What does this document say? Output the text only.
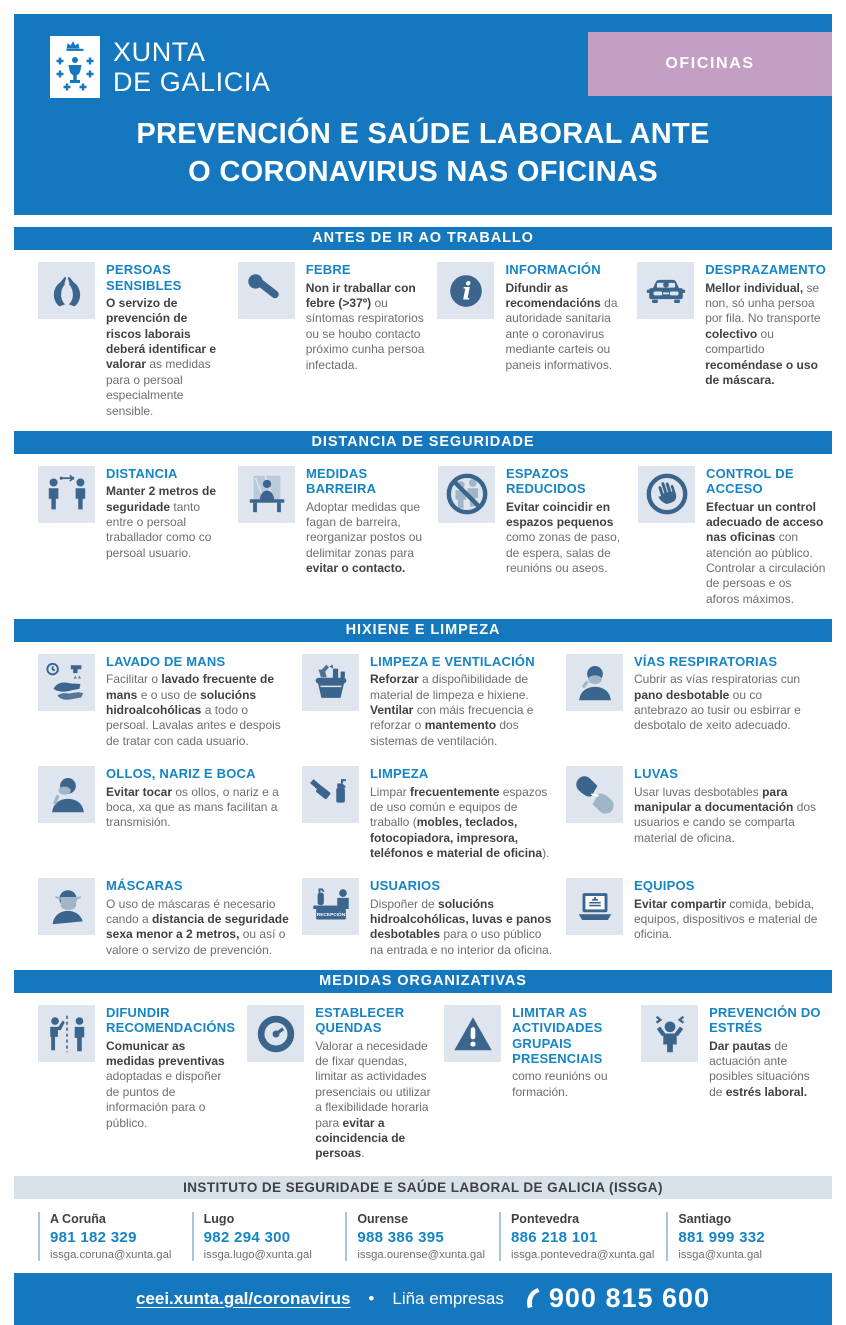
XUNTA
DE GALICIA
OFICINAS
PREVENCIÓN E SAÚDE LABORAL ANTE
O CORONAVIRUS NAS OFICINAS
ANTES DE IR AO TRABALLO
PERSOAS SENSIBLES
O servizo de prevención de riscos laborais deberá identificar e valorar as medidas para o persoal especialmente sensible.
FEBRE
Non ir traballar con febre (>37º) ou síntomas respiratorios ou se houbo contacto próximo cunha persoa infectada.
i
INFORMACIÓN
Difundir as recomendacións da autoridade sanitaria ante o coronavirus mediante carteis ou paneis informativos.
DESPRAZAMENTO
Mellor individual, se non, só unha persoa por fila. No transporte colectivo ou compartido recoméndase o uso de máscara.
DISTANCIA DE SEGURIDADE
DISTANCIA
Manter 2 metros de seguridade tanto entre o persoal traballador como co persoal usuario.
MEDIDAS BARREIRA
Adoptar medidas que fagan de barreira, reorganizar postos ou delimitar zonas para evitar o contacto.
ESPAZOS REDUCIDOS
Evitar coincidir en espazos pequenos como zonas de paso, de espera, salas de reunións ou aseos.
CONTROL DE ACCESO
Efectuar un control adecuado de acceso nas oficinas con atención ao público. Controlar a circulación de persoas e os aforos máximos.
HIXIENE E LIMPEZA
LAVADO DE MANS
Facilitar o lavado frecuente de mans e o uso de solucións hidroalcohólicas a todo o persoal. Lavalas antes e despois de tratar con cada usuario.
LIMPEZA E VENTILACIÓN
Reforzar a dispoñibilidade de material de limpeza e hixiene. Ventilar con máis frecuencia e reforzar o mantemento dos sistemas de ventilación.
VÍAS RESPIRATORIAS
Cubrir as vías respiratorias cun pano desbotable ou co antebrazo ao tusir ou esbirrar e desbotalo de xeito adecuado.
OLLOS, NARIZ E BOCA
Evitar tocar os ollos, o nariz e a boca, xa que as mans facilitan a transmisión.
LIMPEZA
Limpar frecuentemente espazos de uso común e equipos de traballo (mobles, teclados, fotocopiadora, impresora, teléfonos e material de oficina).
LUVAS
Usar luvas desbotables para manipular a documentación dos usuarios e cando se comparta material de oficina.
MÁSCARAS
O uso de máscaras é necesario cando a distancia de seguridade sexa menor a 2 metros, ou así o valore o servizo de prevención.
RECEPCIÓN
USUARIOS
Dispoñer de solucións hidroalcohólicas, luvas e panos desbotables para o uso público na entrada e no interior da oficina.
EQUIPOS
Evitar compartir comida, bebida, equipos, dispositivos e material de oficina.
MEDIDAS ORGANIZATIVAS
DIFUNDIR RECOMENDACIÓNS
Comunicar as medidas preventivas adoptadas e dispoñer de puntos de información para o público.
ESTABLECER QUENDAS
Valorar a necesidade de fixar quendas, limitar as actividades presenciais ou utilizar a flexibilidade horaria para evitar a coincidencia de persoas.
LIMITAR AS ACTIVIDADES GRUPAIS PRESENCIAIS
como reunións ou formación.
PREVENCIÓN DO ESTRÉS
Dar pautas de actuación ante posibles situacións de estrés laboral.
INSTITUTO DE SEGURIDADE E SAÚDE LABORAL DE GALICIA (ISSGA)
A Coruña
981 182 329
issga.coruna@xunta.gal
Lugo
982 294 300
issga.lugo@xunta.gal
Ourense
988 386 395
issga.ourense@xunta.gal
Pontevedra
886 218 101
issga.pontevedra@xunta.gal
Santiago
881 999 332
issga@xunta.gal
ceei.xunta.gal/coronavirus • Liña empresas 900 815 600
